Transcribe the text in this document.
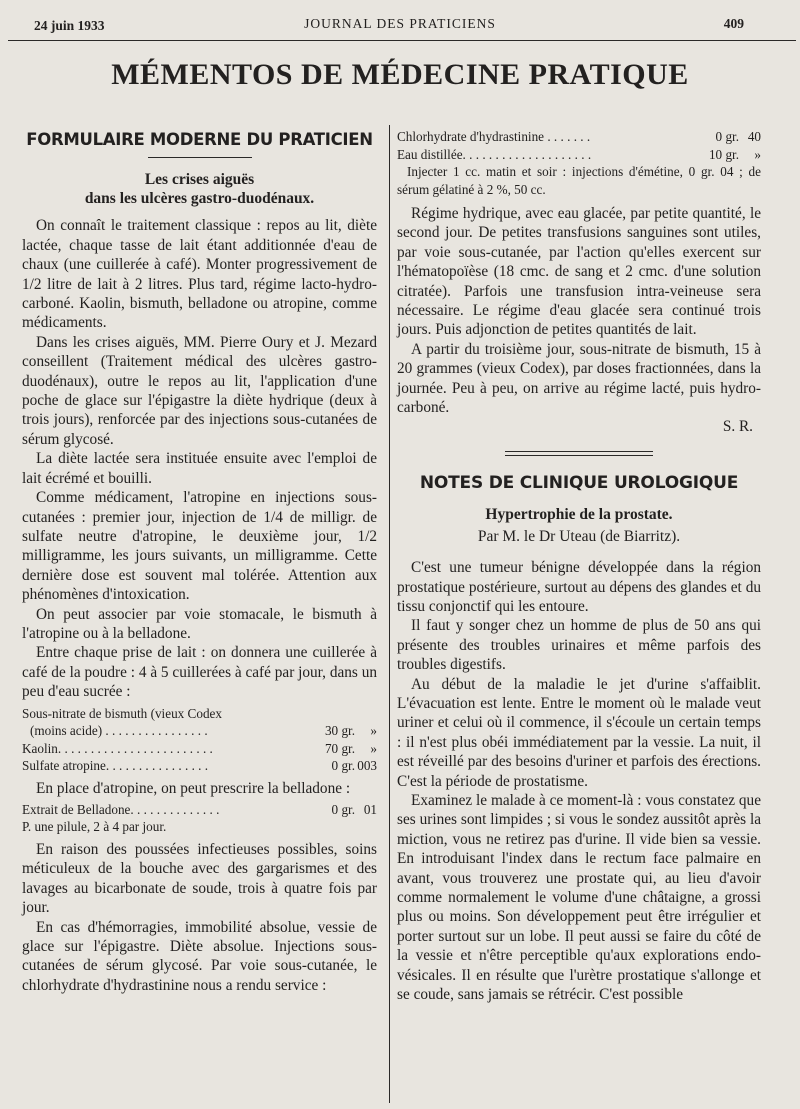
24 juin 1933	JOURNAL DES PRATICIENS	409
MÉMENTOS DE MÉDECINE PRATIQUE
FORMULAIRE MODERNE DU PRATICIEN
Les crises aiguës
dans les ulcères gastro-duodénaux.

On connaît le traitement classique : repos au lit, diète lactée, chaque tasse de lait étant additionnée d'eau de chaux (une cuillerée à café). Monter progressivement de 1/2 litre de lait à 2 litres. Plus tard, régime lacto-hydro-carboné. Kaolin, bismuth, belladone ou atropine, comme médicaments.

Dans les crises aiguës, MM. Pierre Oury et J. Mezard conseillent (Traitement médical des ulcères gastro-duodénaux), outre le repos au lit, l'application d'une poche de glace sur l'épigastre la diète hydrique (deux à trois jours), renforcée par des injections sous-cutanées de sérum glycosé.

La diète lactée sera instituée ensuite avec l'emploi de lait écrémé et bouilli.

Comme médicament, l'atropine en injections sous-cutanées : premier jour, injection de 1/4 de milligr. de sulfate neutre d'atropine, le deuxième jour, 1/2 milligramme, les jours suivants, un milligramme. Cette dernière dose est souvent mal tolérée. Attention aux phénomènes d'intoxication.

On peut associer par voie stomacale, le bismuth à l'atropine ou à la belladone.

Entre chaque prise de lait : on donnera une cuillerée à café de la poudre : 4 à 5 cuillerées à café par jour, dans un peu d'eau sucrée :

Sous-nitrate de bismuth (vieux Codex
(moins acide) . . . . . . . . . . . . . . . .	30 gr.	»
Kaolin. . . . . . . . . . . . . . . . . . . . . . . .	70 gr.	»
Sulfate atropine. . . . . . . . . . . . . . . .	0 gr. 003

En place d'atropine, on peut prescrire la belladone :

Extrait de Belladone. . . . . . . . . . . . . .	0 gr. 01
P. une pilule, 2 à 4 par jour.

En raison des poussées infectieuses possibles, soins méticuleux de la bouche avec des gargarismes et des lavages au bicarbonate de soude, trois à quatre fois par jour.

En cas d'hémorragies, immobilité absolue, vessie de glace sur l'épigastre. Diète absolue. Injections sous-cutanées de sérum glycosé. Par voie sous-cutanée, le chlorhydrate d'hydrastinine nous a rendu service :

Chlorhydrate d'hydrastinine . . . . . . .	0 gr. 40
Eau distillée. . . . . . . . . . . . . . . . . . . .	10 gr.	»
Injecter 1 cc. matin et soir : injections d'émétine, 0 gr. 04 ; de sérum gélatiné à 2 %, 50 cc.

Régime hydrique, avec eau glacée, par petite quantité, le second jour. De petites transfusions sanguines sont utiles, par voie sous-cutanée, par l'action qu'elles exercent sur l'hématopoïèse (18 cmc. de sang et 2 cmc. d'une solution citratée). Parfois une transfusion intra-veineuse sera nécessaire. Le régime d'eau glacée sera continué trois jours. Puis adjonction de petites quantités de lait.

A partir du troisième jour, sous-nitrate de bismuth, 15 à 20 grammes (vieux Codex), par doses fractionnées, dans la journée. Peu à peu, on arrive au régime lacté, puis hydro-carboné.

S. R.

NOTES DE CLINIQUE UROLOGIQUE
Hypertrophie de la prostate.
Par M. le Dr Uteau (de Biarritz).

C'est une tumeur bénigne développée dans la région prostatique postérieure, surtout au dépens des glandes et du tissu conjonctif qui les entoure.

Il faut y songer chez un homme de plus de 50 ans qui présente des troubles urinaires et même parfois des troubles digestifs.

Au début de la maladie le jet d'urine s'affaiblit. L'évacuation est lente. Entre le moment où le malade veut uriner et celui où il commence, il s'écoule un certain temps : il n'est plus obéi immédiatement par la vessie. La nuit, il est réveillé par des besoins d'uriner et parfois des érections. C'est la période de prostatisme.

Examinez le malade à ce moment-là : vous constatez que ses urines sont limpides ; si vous le sondez aussitôt après la miction, vous ne retirez pas d'urine. Il vide bien sa vessie. En introduisant l'index dans le rectum face palmaire en avant, vous trouverez une prostate qui, au lieu d'avoir comme normalement le volume d'une châtaigne, a grossi plus ou moins. Son développement peut être irrégulier et porter surtout sur un lobe. Il peut aussi se faire du côté de la vessie et n'être perceptible qu'aux explorations endo-vésicales. Il en résulte que l'urètre prostatique s'allonge et se coude, sans jamais se rétrécir. C'est possible
